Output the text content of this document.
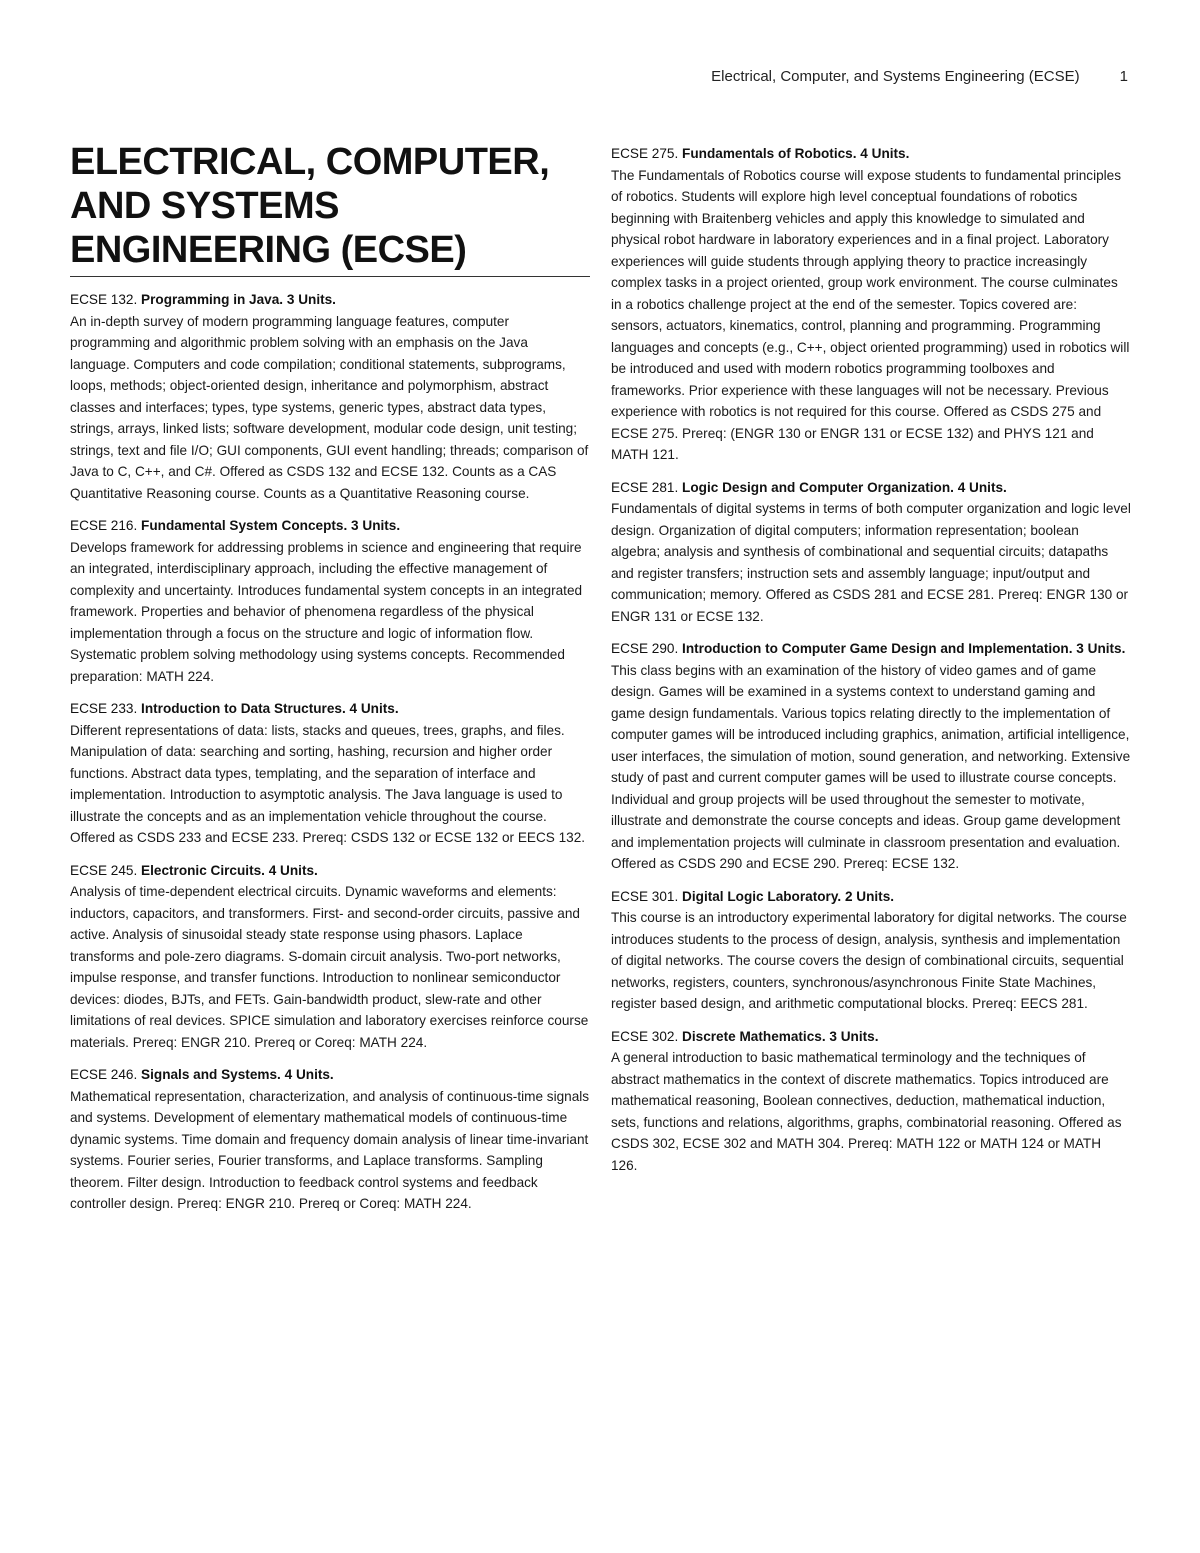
Electrical, Computer, and Systems Engineering (ECSE)	1
ELECTRICAL, COMPUTER, AND SYSTEMS ENGINEERING (ECSE)
ECSE 132. Programming in Java. 3 Units.
An in-depth survey of modern programming language features, computer programming and algorithmic problem solving with an emphasis on the Java language. Computers and code compilation; conditional statements, subprograms, loops, methods; object-oriented design, inheritance and polymorphism, abstract classes and interfaces; types, type systems, generic types, abstract data types, strings, arrays, linked lists; software development, modular code design, unit testing; strings, text and file I/O; GUI components, GUI event handling; threads; comparison of Java to C, C++, and C#. Offered as CSDS 132 and ECSE 132. Counts as a CAS Quantitative Reasoning course. Counts as a Quantitative Reasoning course.
ECSE 216. Fundamental System Concepts. 3 Units.
Develops framework for addressing problems in science and engineering that require an integrated, interdisciplinary approach, including the effective management of complexity and uncertainty. Introduces fundamental system concepts in an integrated framework. Properties and behavior of phenomena regardless of the physical implementation through a focus on the structure and logic of information flow. Systematic problem solving methodology using systems concepts. Recommended preparation: MATH 224.
ECSE 233. Introduction to Data Structures. 4 Units.
Different representations of data: lists, stacks and queues, trees, graphs, and files. Manipulation of data: searching and sorting, hashing, recursion and higher order functions. Abstract data types, templating, and the separation of interface and implementation. Introduction to asymptotic analysis. The Java language is used to illustrate the concepts and as an implementation vehicle throughout the course. Offered as CSDS 233 and ECSE 233. Prereq: CSDS 132 or ECSE 132 or EECS 132.
ECSE 245. Electronic Circuits. 4 Units.
Analysis of time-dependent electrical circuits. Dynamic waveforms and elements: inductors, capacitors, and transformers. First- and second-order circuits, passive and active. Analysis of sinusoidal steady state response using phasors. Laplace transforms and pole-zero diagrams. S-domain circuit analysis. Two-port networks, impulse response, and transfer functions. Introduction to nonlinear semiconductor devices: diodes, BJTs, and FETs. Gain-bandwidth product, slew-rate and other limitations of real devices. SPICE simulation and laboratory exercises reinforce course materials. Prereq: ENGR 210. Prereq or Coreq: MATH 224.
ECSE 246. Signals and Systems. 4 Units.
Mathematical representation, characterization, and analysis of continuous-time signals and systems. Development of elementary mathematical models of continuous-time dynamic systems. Time domain and frequency domain analysis of linear time-invariant systems. Fourier series, Fourier transforms, and Laplace transforms. Sampling theorem. Filter design. Introduction to feedback control systems and feedback controller design. Prereq: ENGR 210. Prereq or Coreq: MATH 224.
ECSE 275. Fundamentals of Robotics. 4 Units.
The Fundamentals of Robotics course will expose students to fundamental principles of robotics. Students will explore high level conceptual foundations of robotics beginning with Braitenberg vehicles and apply this knowledge to simulated and physical robot hardware in laboratory experiences and in a final project. Laboratory experiences will guide students through applying theory to practice increasingly complex tasks in a project oriented, group work environment. The course culminates in a robotics challenge project at the end of the semester. Topics covered are: sensors, actuators, kinematics, control, planning and programming. Programming languages and concepts (e.g., C++, object oriented programming) used in robotics will be introduced and used with modern robotics programming toolboxes and frameworks. Prior experience with these languages will not be necessary. Previous experience with robotics is not required for this course. Offered as CSDS 275 and ECSE 275. Prereq: (ENGR 130 or ENGR 131 or ECSE 132) and PHYS 121 and MATH 121.
ECSE 281. Logic Design and Computer Organization. 4 Units.
Fundamentals of digital systems in terms of both computer organization and logic level design. Organization of digital computers; information representation; boolean algebra; analysis and synthesis of combinational and sequential circuits; datapaths and register transfers; instruction sets and assembly language; input/output and communication; memory. Offered as CSDS 281 and ECSE 281. Prereq: ENGR 130 or ENGR 131 or ECSE 132.
ECSE 290. Introduction to Computer Game Design and Implementation. 3 Units.
This class begins with an examination of the history of video games and of game design. Games will be examined in a systems context to understand gaming and game design fundamentals. Various topics relating directly to the implementation of computer games will be introduced including graphics, animation, artificial intelligence, user interfaces, the simulation of motion, sound generation, and networking. Extensive study of past and current computer games will be used to illustrate course concepts. Individual and group projects will be used throughout the semester to motivate, illustrate and demonstrate the course concepts and ideas. Group game development and implementation projects will culminate in classroom presentation and evaluation. Offered as CSDS 290 and ECSE 290. Prereq: ECSE 132.
ECSE 301. Digital Logic Laboratory. 2 Units.
This course is an introductory experimental laboratory for digital networks. The course introduces students to the process of design, analysis, synthesis and implementation of digital networks. The course covers the design of combinational circuits, sequential networks, registers, counters, synchronous/asynchronous Finite State Machines, register based design, and arithmetic computational blocks. Prereq: EECS 281.
ECSE 302. Discrete Mathematics. 3 Units.
A general introduction to basic mathematical terminology and the techniques of abstract mathematics in the context of discrete mathematics. Topics introduced are mathematical reasoning, Boolean connectives, deduction, mathematical induction, sets, functions and relations, algorithms, graphs, combinatorial reasoning. Offered as CSDS 302, ECSE 302 and MATH 304. Prereq: MATH 122 or MATH 124 or MATH 126.
